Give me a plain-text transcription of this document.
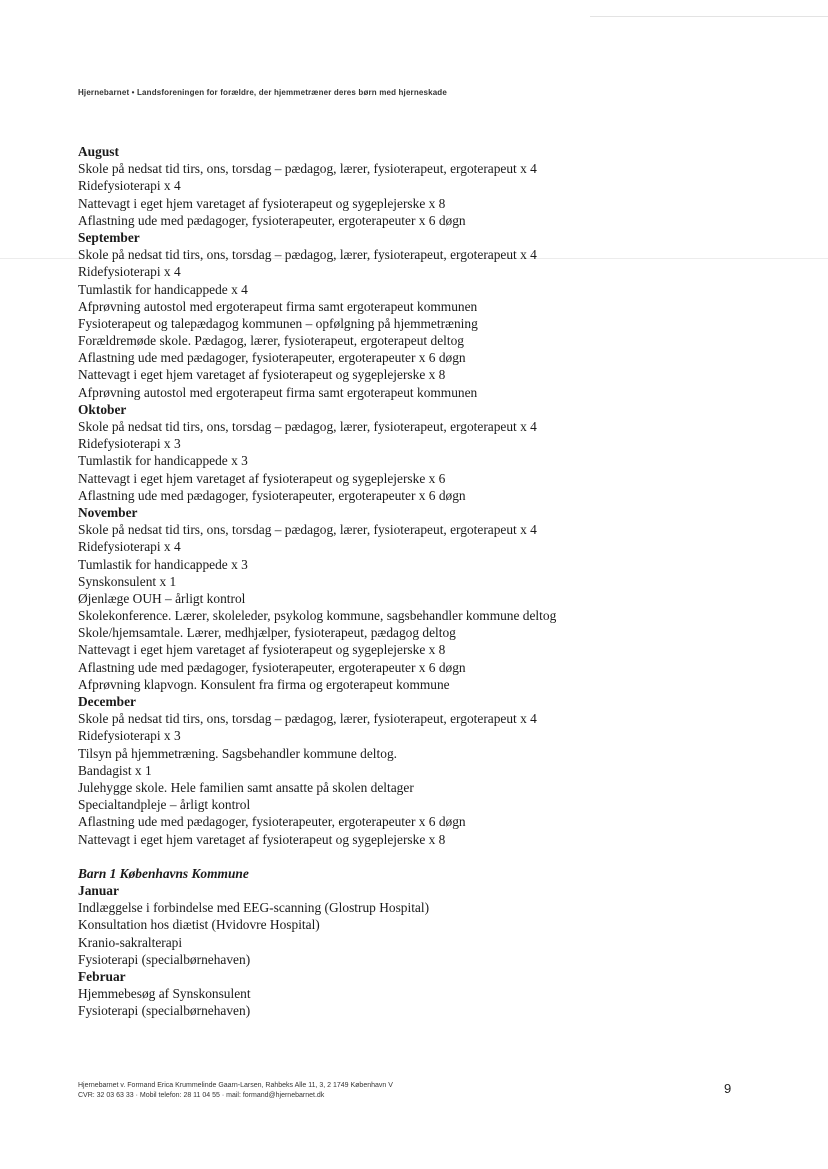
Hjernebarnet • Landsforeningen for forældre, der hjemmetræner deres børn med hjerneskade
August
Skole på nedsat tid tirs, ons, torsdag – pædagog, lærer, fysioterapeut, ergoterapeut x 4
Ridefysioterapi x 4
Nattevagt i eget hjem varetaget af fysioterapeut og sygeplejerske x 8
Aflastning ude med pædagoger, fysioterapeuter, ergoterapeuter x 6 døgn
September
Skole på nedsat tid tirs, ons, torsdag – pædagog, lærer, fysioterapeut, ergoterapeut x 4
Ridefysioterapi x 4
Tumlastik for handicappede x 4
Afprøvning autostol med ergoterapeut firma samt ergoterapeut kommunen
Fysioterapeut og talepædagog kommunen – opfølgning på hjemmetræning
Forældremøde skole. Pædagog, lærer, fysioterapeut, ergoterapeut deltog
Aflastning ude med pædagoger, fysioterapeuter, ergoterapeuter x 6 døgn
Nattevagt i eget hjem varetaget af fysioterapeut og sygeplejerske x 8
Afprøvning autostol med ergoterapeut firma samt ergoterapeut kommunen
Oktober
Skole på nedsat tid tirs, ons, torsdag – pædagog, lærer, fysioterapeut, ergoterapeut x 4
Ridefysioterapi x 3
Tumlastik for handicappede x 3
Nattevagt i eget hjem varetaget af fysioterapeut og sygeplejerske x 6
Aflastning ude med pædagoger, fysioterapeuter, ergoterapeuter x 6 døgn
November
Skole på nedsat tid tirs, ons, torsdag – pædagog, lærer, fysioterapeut, ergoterapeut x 4
Ridefysioterapi x 4
Tumlastik for handicappede x 3
Synskonsulent x 1
Øjenlæge OUH – årligt kontrol
Skolekonference. Lærer, skoleleder, psykolog kommune, sagsbehandler kommune deltog
Skole/hjemsamtale. Lærer, medhjælper, fysioterapeut, pædagog deltog
Nattevagt i eget hjem varetaget af fysioterapeut og sygeplejerske x 8
Aflastning ude med pædagoger, fysioterapeuter, ergoterapeuter x 6 døgn
Afprøvning klapvogn. Konsulent fra firma og ergoterapeut kommune
December
Skole på nedsat tid tirs, ons, torsdag – pædagog, lærer, fysioterapeut, ergoterapeut x 4
Ridefysioterapi x 3
Tilsyn på hjemmetræning. Sagsbehandler kommune deltog.
Bandagist x 1
Julehygge skole. Hele familien samt ansatte på skolen deltager
Specialtandpleje – årligt kontrol
Aflastning ude med pædagoger, fysioterapeuter, ergoterapeuter x 6 døgn
Nattevagt i eget hjem varetaget af fysioterapeut og sygeplejerske x 8
Barn 1 Københavns Kommune
Januar
Indlæggelse i forbindelse med EEG-scanning (Glostrup Hospital)
Konsultation hos diætist (Hvidovre Hospital)
Kranio-sakralterapi
Fysioterapi (specialbørnehaven)
Februar
Hjemmebesøg af Synskonsulent
Fysioterapi (specialbørnehaven)
Hjernebarnet v. Formand Erica Krummelinde Gaarn-Larsen, Rahbeks Alle 11, 3, 2 1749 København V
CVR: 32 03 63 33 · Mobil telefon: 28 11 04 55 · mail: formand@hjernebarnet.dk	9
